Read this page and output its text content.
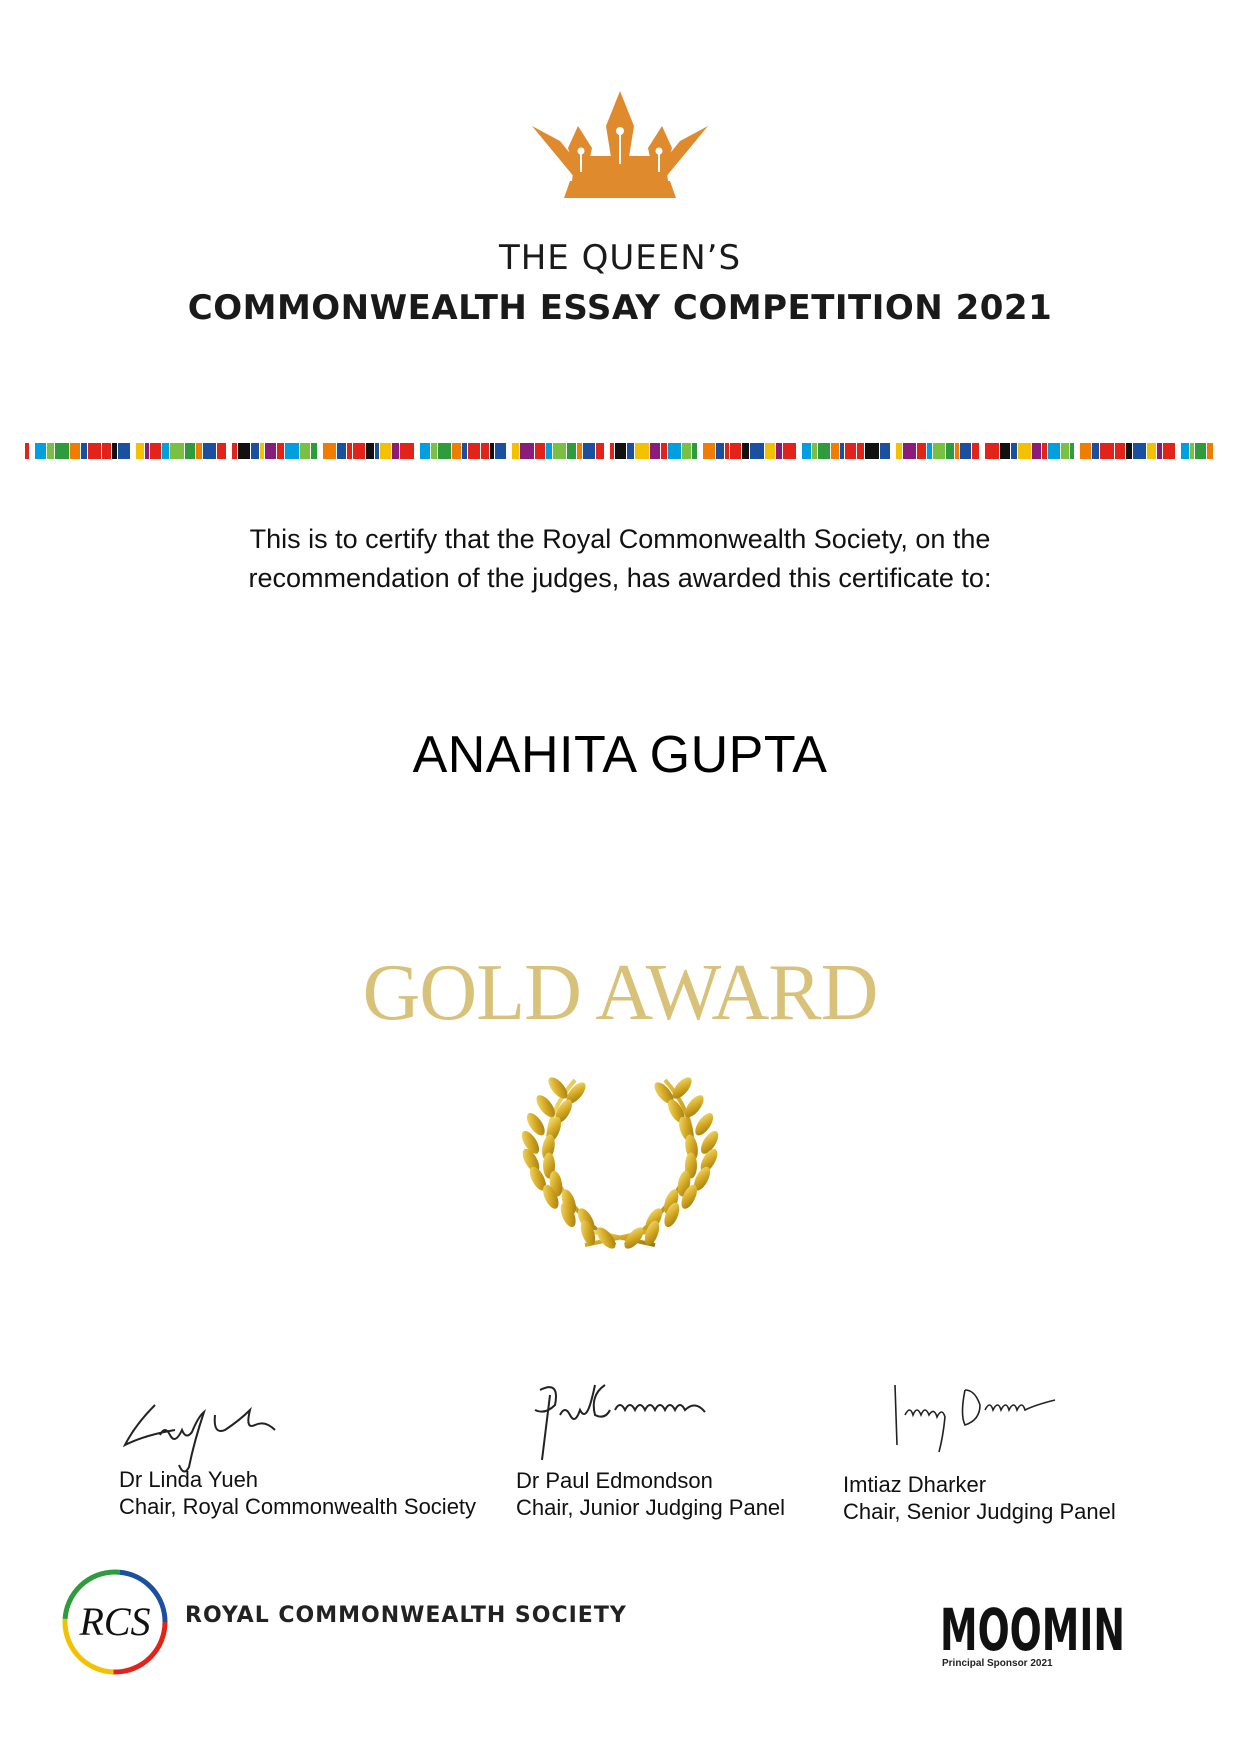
THE QUEEN’S
COMMONWEALTH ESSAY COMPETITION 2021
This is to certify that the Royal Commonwealth Society, on the
recommendation of the judges, has awarded this certificate to:
ANAHITA GUPTA
GOLD AWARD
Dr Linda Yueh
Chair, Royal Commonwealth Society
Dr Paul Edmondson
Chair, Junior Judging Panel
Imtiaz Dharker
Chair, Senior Judging Panel
RCS ROYAL COMMONWEALTH SOCIETY	MOOMIN
Principal Sponsor 2021
